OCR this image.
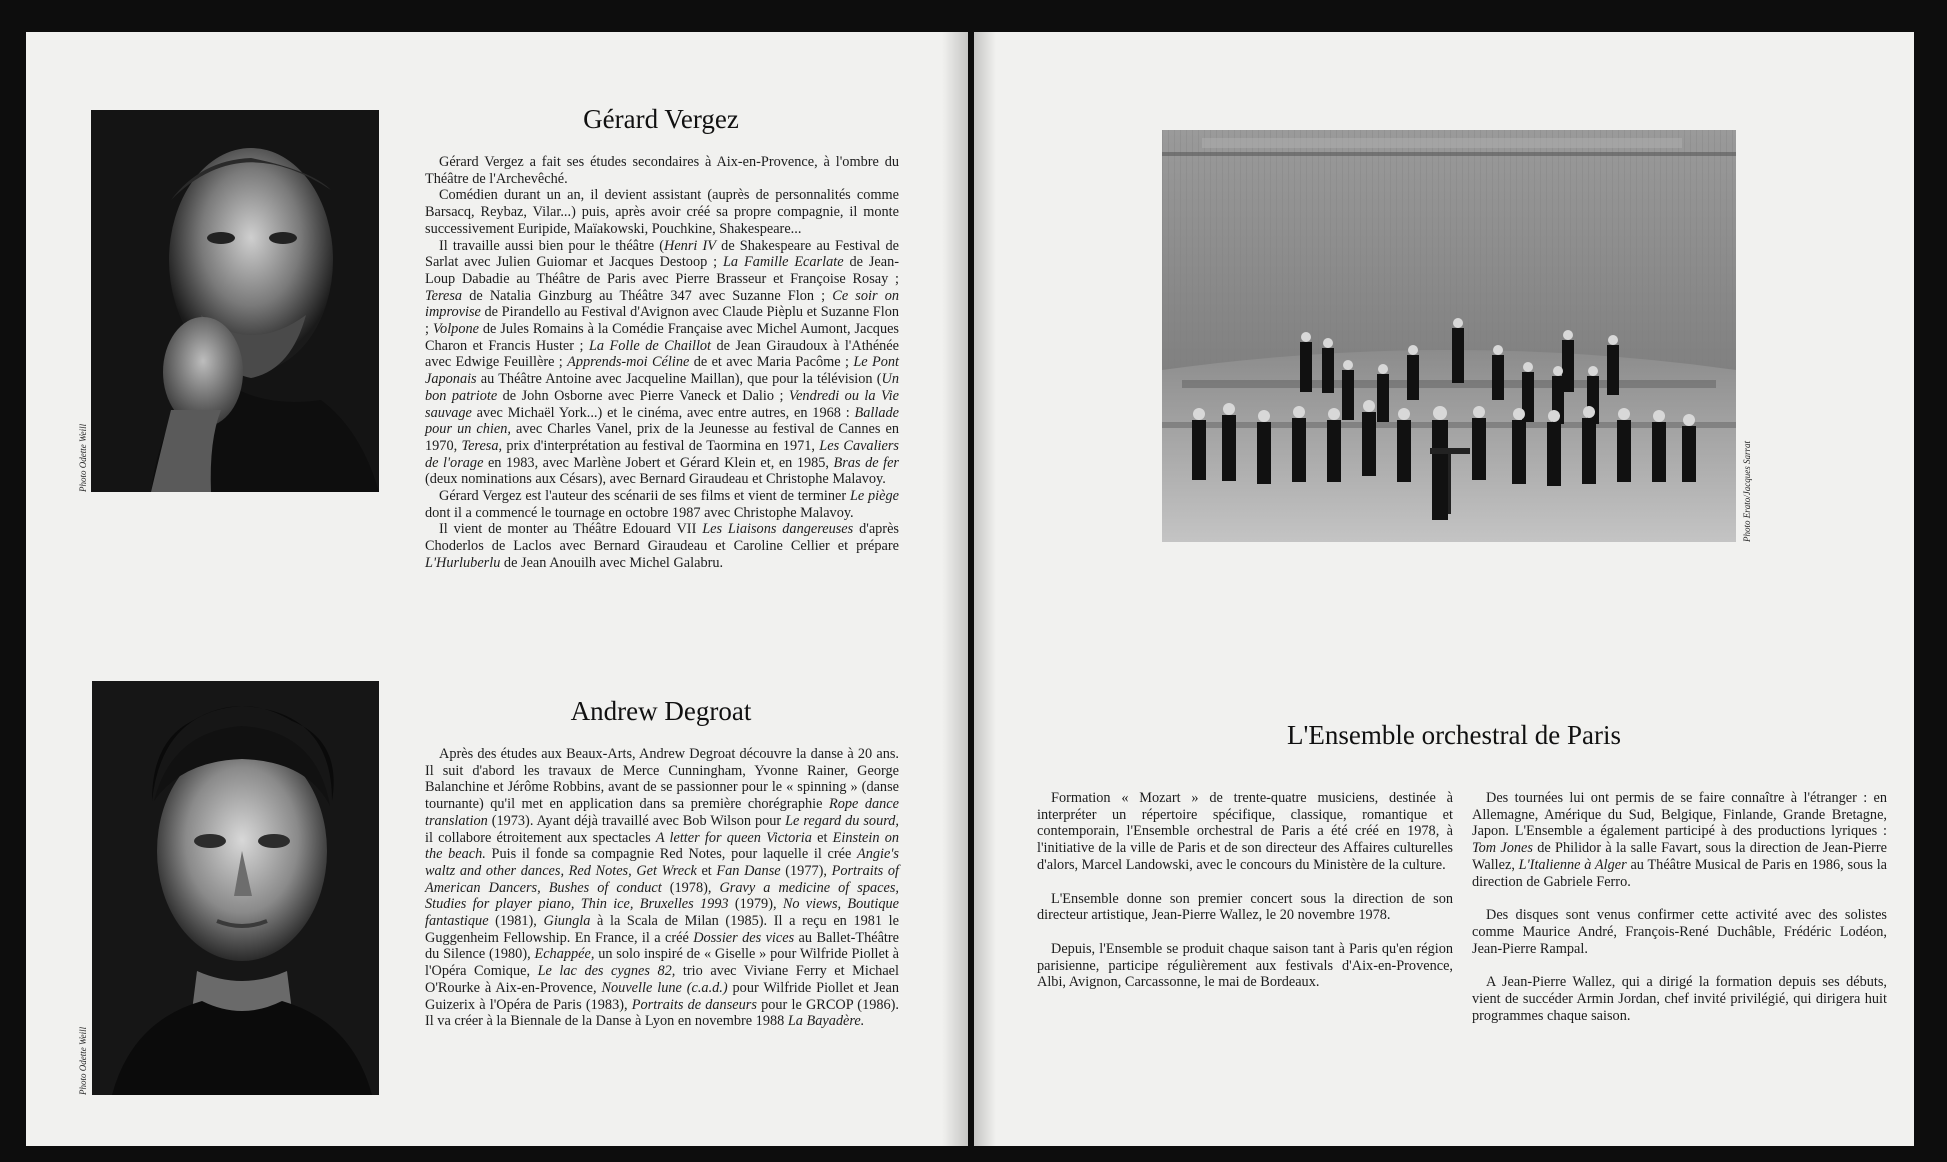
Photo Odette Weill
Gérard Vergez

Gérard Vergez a fait ses études secondaires à Aix-en-Provence, à l'ombre du Théâtre de l'Archevêché.

Comédien durant un an, il devient assistant (auprès de personnalités comme Barsacq, Reybaz, Vilar...) puis, après avoir créé sa propre compagnie, il monte successivement Euripide, Maïakowski, Pouchkine, Shakespeare...

Il travaille aussi bien pour le théâtre (Henri IV de Shakespeare au Festival de Sarlat avec Julien Guiomar et Jacques Destoop ; La Famille Ecarlate de Jean-Loup Dabadie au Théâtre de Paris avec Pierre Brasseur et Françoise Rosay ; Teresa de Natalia Ginzburg au Théâtre 347 avec Suzanne Flon ; Ce soir on improvise de Pirandello au Festival d'Avignon avec Claude Pièplu et Suzanne Flon ; Volpone de Jules Romains à la Comédie Française avec Michel Aumont, Jacques Charon et Francis Huster ; La Folle de Chaillot de Jean Giraudoux à l'Athénée avec Edwige Feuillère ; Apprends-moi Céline de et avec Maria Pacôme ; Le Pont Japonais au Théâtre Antoine avec Jacqueline Maillan), que pour la télévision (Un bon patriote de John Osborne avec Pierre Vaneck et Dalio ; Vendredi ou la Vie sauvage avec Michaël York...) et le cinéma, avec entre autres, en 1968 : Ballade pour un chien, avec Charles Vanel, prix de la Jeunesse au festival de Cannes en 1970, Teresa, prix d'interprétation au festival de Taormina en 1971, Les Cavaliers de l'orage en 1983, avec Marlène Jobert et Gérard Klein et, en 1985, Bras de fer (deux nominations aux Césars), avec Bernard Giraudeau et Christophe Malavoy.

Gérard Vergez est l'auteur des scénarii de ses films et vient de terminer Le piège dont il a commencé le tournage en octobre 1987 avec Christophe Malavoy.

Il vient de monter au Théâtre Edouard VII Les Liaisons dangereuses d'après Choderlos de Laclos avec Bernard Giraudeau et Caroline Cellier et prépare L'Hurluberlu de Jean Anouilh avec Michel Galabru.

Photo Odette Weill
Andrew Degroat

Après des études aux Beaux-Arts, Andrew Degroat découvre la danse à 20 ans. Il suit d'abord les travaux de Merce Cunningham, Yvonne Rainer, George Balanchine et Jérôme Robbins, avant de se passionner pour le « spinning » (danse tournante) qu'il met en application dans sa première chorégraphie Rope dance translation (1973). Ayant déjà travaillé avec Bob Wilson pour Le regard du sourd, il collabore étroitement aux spectacles A letter for queen Victoria et Einstein on the beach. Puis il fonde sa compagnie Red Notes, pour laquelle il crée Angie's waltz and other dances, Red Notes, Get Wreck et Fan Danse (1977), Portraits of American Dancers, Bushes of conduct (1978), Gravy a medicine of spaces, Studies for player piano, Thin ice, Bruxelles 1993 (1979), No views, Boutique fantastique (1981), Giungla à la Scala de Milan (1985). Il a reçu en 1981 le Guggenheim Fellowship. En France, il a créé Dossier des vices au Ballet-Théâtre du Silence (1980), Echappée, un solo inspiré de « Giselle » pour Wilfride Piollet à l'Opéra Comique, Le lac des cygnes 82, trio avec Viviane Ferry et Michael O'Rourke à Aix-en-Provence, Nouvelle lune (c.a.d.) pour Wilfride Piollet et Jean Guizerix à l'Opéra de Paris (1983), Portraits de danseurs pour le GRCOP (1986). Il va créer à la Biennale de la Danse à Lyon en novembre 1988 La Bayadère.

Photo Erato/Jacques Sarrat
L'Ensemble orchestral de Paris

Formation « Mozart » de trente-quatre musiciens, destinée à interpréter un répertoire spécifique, classique, romantique et contemporain, l'Ensemble orchestral de Paris a été créé en 1978, à l'initiative de la ville de Paris et de son directeur des Affaires culturelles d'alors, Marcel Landowski, avec le concours du Ministère de la culture.

L'Ensemble donne son premier concert sous la direction de son directeur artistique, Jean-Pierre Wallez, le 20 novembre 1978.

Depuis, l'Ensemble se produit chaque saison tant à Paris qu'en région parisienne, participe régulièrement aux festivals d'Aix-en-Provence, Albi, Avignon, Carcassonne, le mai de Bordeaux.

Des tournées lui ont permis de se faire connaître à l'étranger : en Allemagne, Amérique du Sud, Belgique, Finlande, Grande Bretagne, Japon. L'Ensemble a également participé à des productions lyriques : Tom Jones de Philidor à la salle Favart, sous la direction de Jean-Pierre Wallez, L'Italienne à Alger au Théâtre Musical de Paris en 1986, sous la direction de Gabriele Ferro.

Des disques sont venus confirmer cette activité avec des solistes comme Maurice André, François-René Duchâble, Frédéric Lodéon, Jean-Pierre Rampal.

A Jean-Pierre Wallez, qui a dirigé la formation depuis ses débuts, vient de succéder Armin Jordan, chef invité privilégié, qui dirigera huit programmes chaque saison.
